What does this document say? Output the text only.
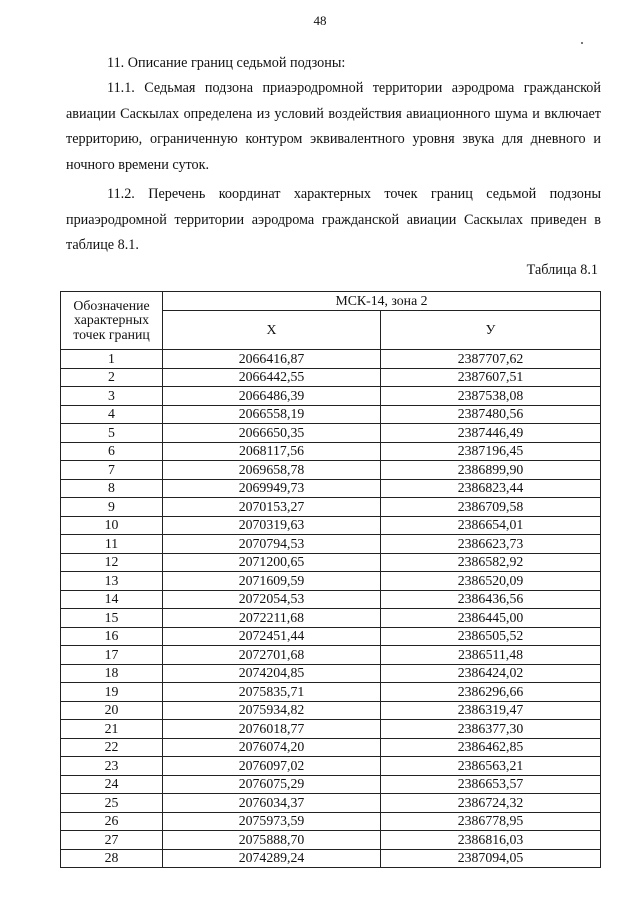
48
11. Описание границ седьмой подзоны:
11.1. Седьмая подзона приаэродромной территории аэродрома гражданской авиации Саскылах определена из условий воздействия авиационного шума и включает территорию, ограниченную контуром эквивалентного уровня звука для дневного и ночного времени суток.
11.2. Перечень координат характерных точек границ седьмой подзоны приаэродромной территории аэродрома гражданской авиации Саскылах приведен в таблице 8.1.
Таблица 8.1
Обозначение характерных точек границ	МСК-14, зона 2	
	X	У
1	2066416,87	2387707,62
2	2066442,55	2387607,51
3	2066486,39	2387538,08
4	2066558,19	2387480,56
5	2066650,35	2387446,49
6	2068117,56	2387196,45
7	2069658,78	2386899,90
8	2069949,73	2386823,44
9	2070153,27	2386709,58
10	2070319,63	2386654,01
11	2070794,53	2386623,73
12	2071200,65	2386582,92
13	2071609,59	2386520,09
14	2072054,53	2386436,56
15	2072211,68	2386445,00
16	2072451,44	2386505,52
17	2072701,68	2386511,48
18	2074204,85	2386424,02
19	2075835,71	2386296,66
20	2075934,82	2386319,47
21	2076018,77	2386377,30
22	2076074,20	2386462,85
23	2076097,02	2386563,21
24	2076075,29	2386653,57
25	2076034,37	2386724,32
26	2075973,59	2386778,95
27	2075888,70	2386816,03
28	2074289,24	2387094,05
